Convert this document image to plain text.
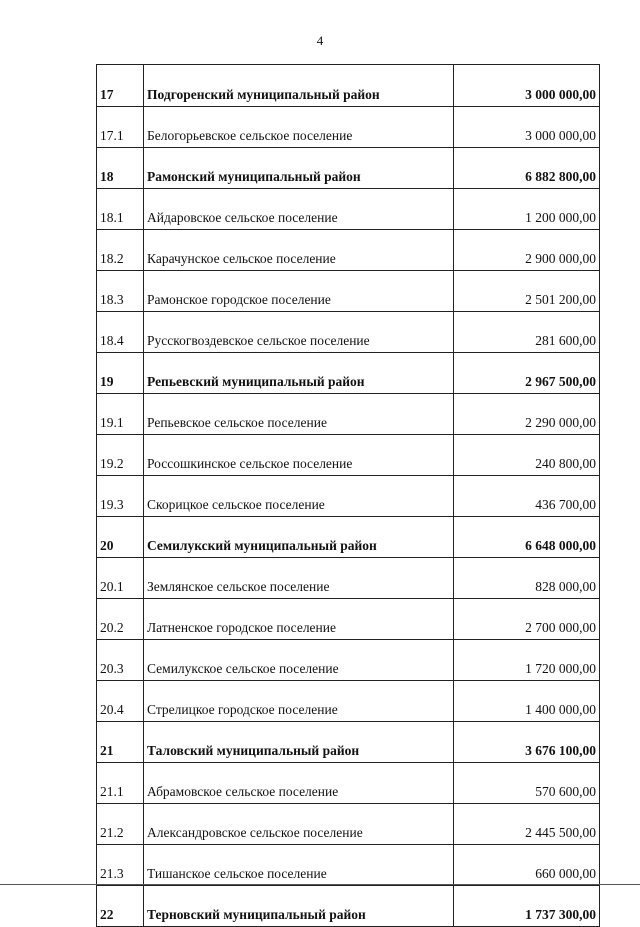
4
17	Подгоренский муниципальный район	3 000 000,00
17.1	Белогорьевское сельское поселение	3 000 000,00
18	Рамонский муниципальный район	6 882 800,00
18.1	Айдаровское сельское поселение	1 200 000,00
18.2	Карачунское сельское поселение	2 900 000,00
18.3	Рамонское городское поселение	2 501 200,00
18.4	Русскогвоздевское сельское поселение	281 600,00
19	Репьевский муниципальный район	2 967 500,00
19.1	Репьевское сельское поселение	2 290 000,00
19.2	Россошкинское сельское поселение	240 800,00
19.3	Скорицкое сельское поселение	436 700,00
20	Семилукский муниципальный район	6 648 000,00
20.1	Землянское сельское поселение	828 000,00
20.2	Латненское городское поселение	2 700 000,00
20.3	Семилукское сельское поселение	1 720 000,00
20.4	Стрелицкое городское поселение	1 400 000,00
21	Таловский муниципальный район	3 676 100,00
21.1	Абрамовское сельское поселение	570 600,00
21.2	Александровское сельское поселение	2 445 500,00
21.3	Тишанское сельское поселение	660 000,00
22	Терновский муниципальный район	1 737 300,00
